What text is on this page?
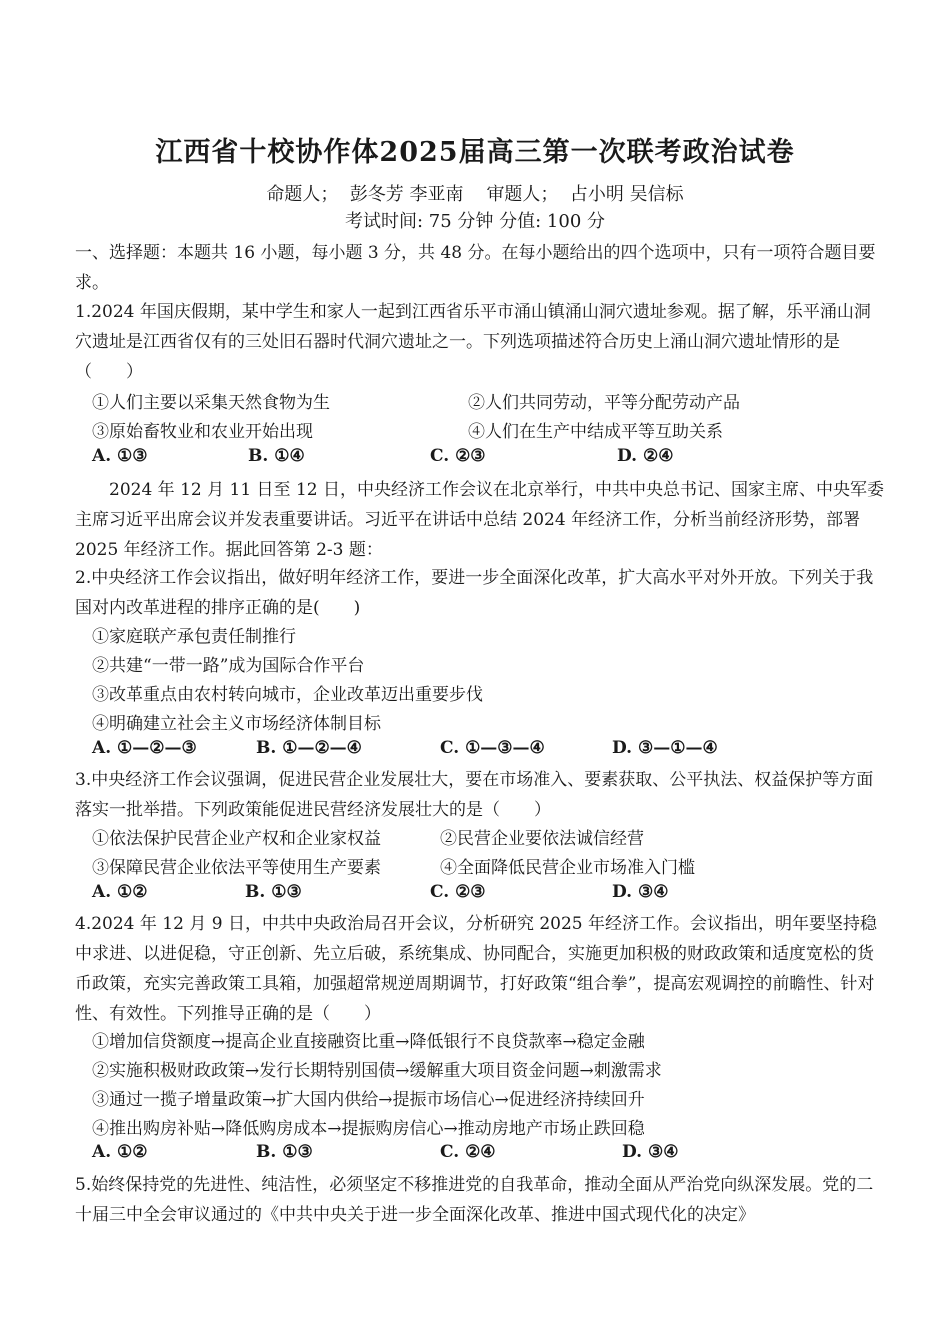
江西省十校协作体2025届高三第一次联考政治试卷
命题人； 彭冬芳 李亚南 审题人； 占小明 吴信标
考试时间: 75 分钟 分值: 100 分
一、选择题：本题共 16 小题，每小题 3 分，共 48 分。在每小题给出的四个选项中，只有一项符合题目要求。
1.2024 年国庆假期，某中学生和家人一起到江西省乐平市涌山镇涌山洞穴遗址参观。据了解，乐平涌山洞穴遗址是江西省仅有的三处旧石器时代洞穴遗址之一。下列选项描述符合历史上涌山洞穴遗址情形的是（　　）
①人们主要以采集天然食物为生	②人们共同劳动，平等分配劳动产品
③原始畜牧业和农业开始出现	④人们在生产中结成平等互助关系
A. ①③	B. ①④	C. ②③	D. ②④
2024 年 12 月 11 日至 12 日，中央经济工作会议在北京举行，中共中央总书记、国家主席、中央军委主席习近平出席会议并发表重要讲话。习近平在讲话中总结 2024 年经济工作，分析当前经济形势，部署 2025 年经济工作。据此回答第 2-3 题：
2.中央经济工作会议指出，做好明年经济工作，要进一步全面深化改革，扩大高水平对外开放。下列关于我国对内改革进程的排序正确的是(　　)
①家庭联产承包责任制推行
②共建“一带一路”成为国际合作平台
③改革重点由农村转向城市，企业改革迈出重要步伐
④明确建立社会主义市场经济体制目标
A. ①—②—③	B. ①—②—④	C. ①—③—④	D. ③—①—④
3.中央经济工作会议强调，促进民营企业发展壮大，要在市场准入、要素获取、公平执法、权益保护等方面落实一批举措。下列政策能促进民营经济发展壮大的是（　　）
①依法保护民营企业产权和企业家权益	②民营企业要依法诚信经营
③保障民营企业依法平等使用生产要素	④全面降低民营企业市场准入门槛
A. ①②	B. ①③	C. ②③	D. ③④
4.2024 年 12 月 9 日，中共中央政治局召开会议，分析研究 2025 年经济工作。会议指出，明年要坚持稳中求进、以进促稳，守正创新、先立后破，系统集成、协同配合，实施更加积极的财政政策和适度宽松的货币政策，充实完善政策工具箱，加强超常规逆周期调节，打好政策“组合拳”，提高宏观调控的前瞻性、针对性、有效性。下列推导正确的是（　　）
①增加信贷额度→提高企业直接融资比重→降低银行不良贷款率→稳定金融
②实施积极财政政策→发行长期特别国债→缓解重大项目资金问题→刺激需求
③通过一揽子增量政策→扩大国内供给→提振市场信心→促进经济持续回升
④推出购房补贴→降低购房成本→提振购房信心→推动房地产市场止跌回稳
A. ①②	B. ①③	C. ②④	D. ③④
5.始终保持党的先进性、纯洁性，必须坚定不移推进党的自我革命，推动全面从严治党向纵深发展。党的二十届三中全会审议通过的《中共中央关于进一步全面深化改革、推进中国式现代化的决定》
